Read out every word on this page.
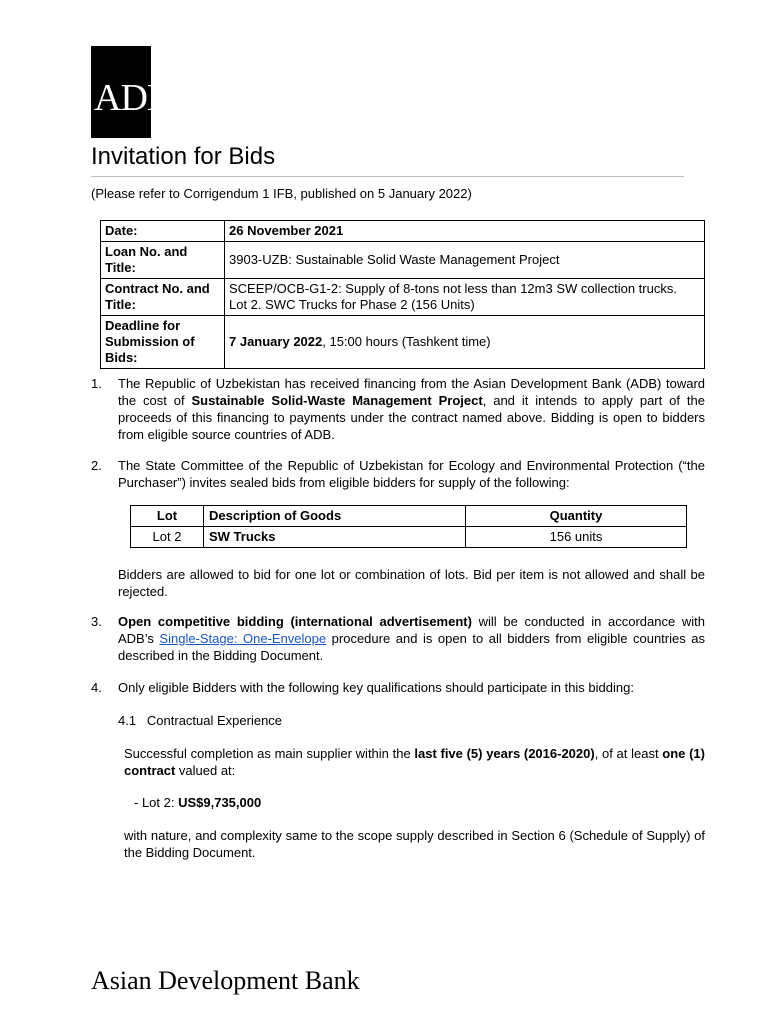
ADB
Invitation for Bids
(Please refer to Corrigendum 1 IFB, published on 5 January 2022)
Date:	26 November 2021
Loan No. and Title:	3903-UZB: Sustainable Solid Waste Management Project
Contract No. and Title:	SCEEP/OCB-G1-2: Supply of 8-tons not less than 12m3 SW collection trucks.
Lot 2. SWC Trucks for Phase 2 (156 Units)
Deadline for Submission of Bids:	7 January 2022, 15:00 hours (Tashkent time)
1. The Republic of Uzbekistan has received financing from the Asian Development Bank (ADB) toward the cost of Sustainable Solid-Waste Management Project, and it intends to apply part of the proceeds of this financing to payments under the contract named above. Bidding is open to bidders from eligible source countries of ADB.
2. The State Committee of the Republic of Uzbekistan for Ecology and Environmental Protection (“the Purchaser”) invites sealed bids from eligible bidders for supply of the following:
Lot	Description of Goods	Quantity
Lot 2	SW Trucks	156 units
Bidders are allowed to bid for one lot or combination of lots. Bid per item is not allowed and shall be rejected.
3. Open competitive bidding (international advertisement) will be conducted in accordance with ADB’s Single-Stage: One-Envelope procedure and is open to all bidders from eligible countries as described in the Bidding Document.
4. Only eligible Bidders with the following key qualifications should participate in this bidding:
4.1   Contractual Experience
Successful completion as main supplier within the last five (5) years (2016-2020), of at least one (1) contract valued at:
- Lot 2: US$9,735,000
with nature, and complexity same to the scope supply described in Section 6 (Schedule of Supply) of the Bidding Document.
Asian Development Bank
